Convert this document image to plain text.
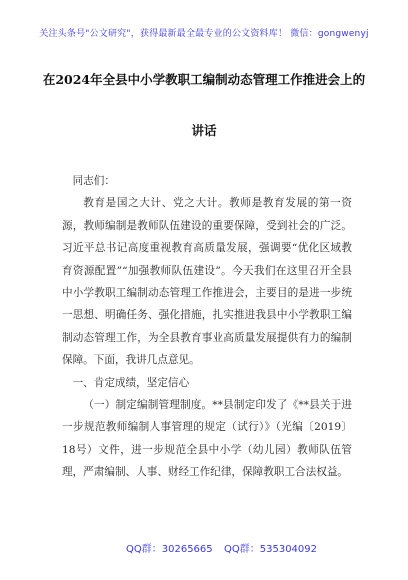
关注头条号"公文研究"，获得最新最全最专业的公文资料库！ 微信：gongwenyj
在2024年全县中小学教职工编制动态管理工作推进会上的
讲话

同志们：

教育是国之大计、党之大计。教师是教育发展的第一资源，教师编制是教师队伍建设的重要保障，受到社会的广泛。习近平总书记高度重视教育高质量发展，强调要“优化区域教育资源配置”“加强教师队伍建设”。今天我们在这里召开全县中小学教职工编制动态管理工作推进会，主要目的是进一步统一思想、明确任务、强化措施，扎实推进我县中小学教职工编制动态管理工作，为全县教育事业高质量发展提供有力的编制保障。下面，我讲几点意见。

一、肯定成绩，坚定信心

（一）制定编制管理制度。**县制定印发了《**县关于进一步规范教师编制人事管理的规定（试行）》（光编〔2019〕18号）文件，进一步规范全县中小学（幼儿园）教师队伍管理，严肃编制、人事、财经工作纪律，保障教职工合法权益。

QQ群：30265665 QQ群：535304092
